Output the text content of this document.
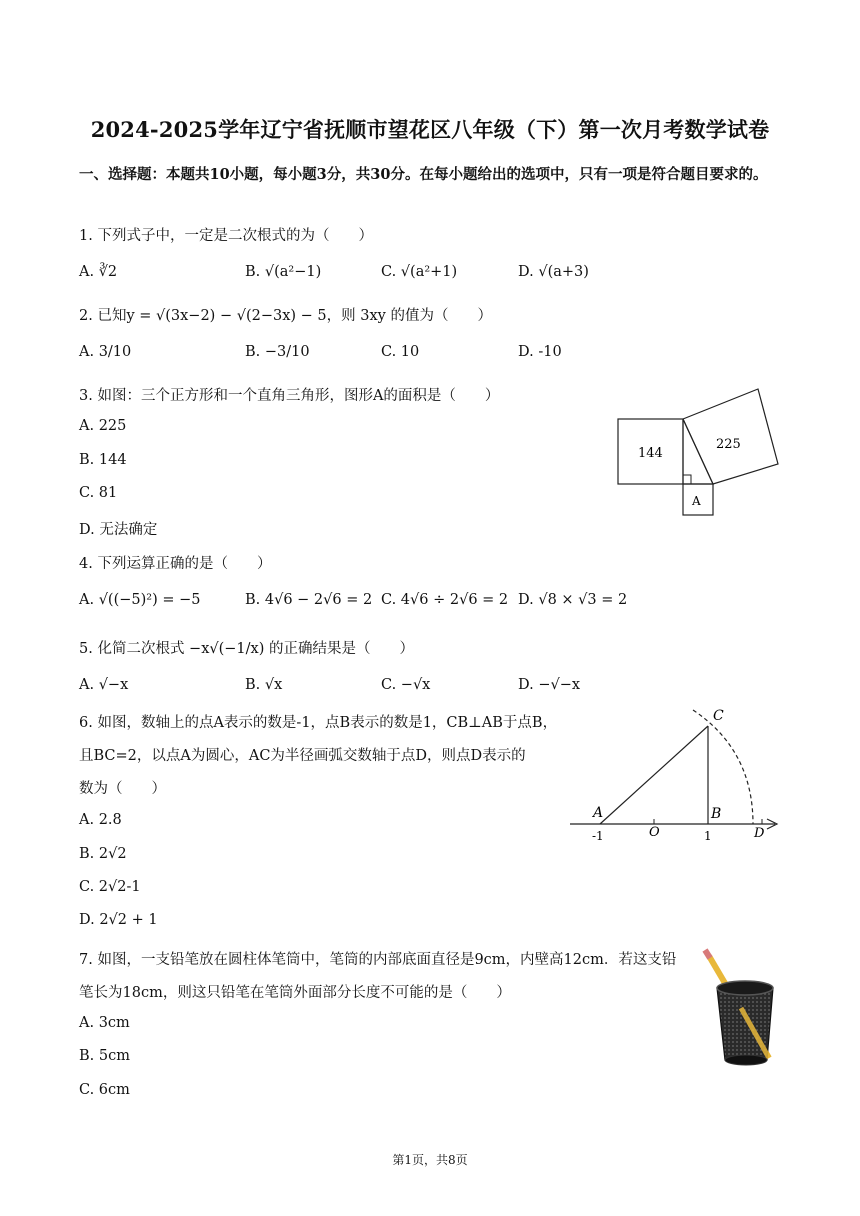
2024-2025学年辽宁省抚顺市望花区八年级（下）第一次月考数学试卷
一、选择题：本题共10小题，每小题3分，共30分。在每小题给出的选项中，只有一项是符合题目要求的。
1. 下列式子中，一定是二次根式的为（　　）
A. ∛2	B. √(a²−1)	C. √(a²+1)	D. √(a+3)
2. 已知y = √(3x−2) − √(2−3x) − 5，则 3xy 的值为（　　）
A. 3/10	B. −3/10	C. 10	D. -10
3. 如图：三个正方形和一个直角三角形，图形A的面积是（　　）
A. 225
B. 144
C. 81
D. 无法确定
144
225
A
4. 下列运算正确的是（　　）
A. √((−5)²) = −5	B. 4√6 − 2√6 = 2 C. 4√6 ÷ 2√6 = 2 D. √8 × √3 = 2
5. 化简二次根式 −x√(−1/x) 的正确结果是（　　）
A. √−x	B. √x	C. −√x	D. −√−x
6. 如图，数轴上的点A表示的数是-1，点B表示的数是1，CB⊥AB于点B，
且BC=2，以点A为圆心，AC为半径画弧交数轴于点D，则点D表示的
数为（　　）
A. 2.8
B. 2√2
C. 2√2-1
D. 2√2 + 1
C
A
O
B
D
-1	1
7. 如图，一支铅笔放在圆柱体笔筒中，笔筒的内部底面直径是9cm，内壁高12cm．若这支铅
笔长为18cm，则这只铅笔在笔筒外面部分长度不可能的是（　　）
A. 3cm
B. 5cm
C. 6cm
第1页，共8页
